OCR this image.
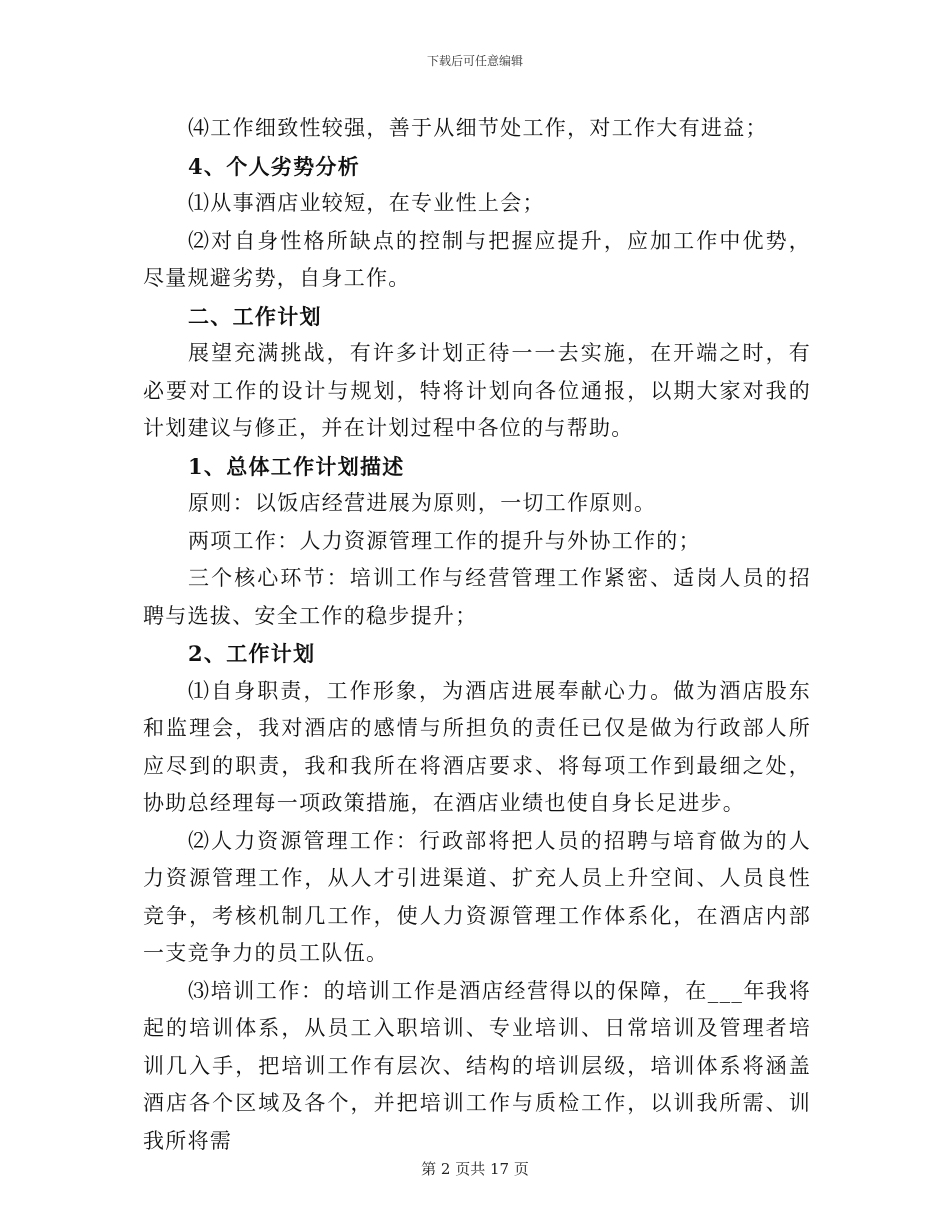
下载后可任意编辑

⑷工作细致性较强，善于从细节处工作，对工作大有进益；

4、个人劣势分析

⑴从事酒店业较短，在专业性上会；

⑵对自身性格所缺点的控制与把握应提升，应加工作中优势，尽量规避劣势，自身工作。

二、工作计划

展望充满挑战，有许多计划正待一一去实施，在开端之时，有必要对工作的设计与规划，特将计划向各位通报，以期大家对我的计划建议与修正，并在计划过程中各位的与帮助。

1、总体工作计划描述

原则：以饭店经营进展为原则，一切工作原则。

两项工作：人力资源管理工作的提升与外协工作的；

三个核心环节：培训工作与经营管理工作紧密、适岗人员的招聘与选拔、安全工作的稳步提升；

2、工作计划

⑴自身职责，工作形象，为酒店进展奉献心力。做为酒店股东和监理会，我对酒店的感情与所担负的责任已仅是做为行政部人所应尽到的职责，我和我所在将酒店要求、将每项工作到最细之处，协助总经理每一项政策措施，在酒店业绩也使自身长足进步。

⑵人力资源管理工作：行政部将把人员的招聘与培育做为的人力资源管理工作，从人才引进渠道、扩充人员上升空间、人员良性竞争，考核机制几工作，使人力资源管理工作体系化，在酒店内部一支竞争力的员工队伍。

⑶培训工作：的培训工作是酒店经营得以的保障，在___年我将起的培训体系，从员工入职培训、专业培训、日常培训及管理者培训几入手，把培训工作有层次、结构的培训层级，培训体系将涵盖酒店各个区域及各个，并把培训工作与质检工作，以训我所需、训我所将需

第 2 页共 17 页
